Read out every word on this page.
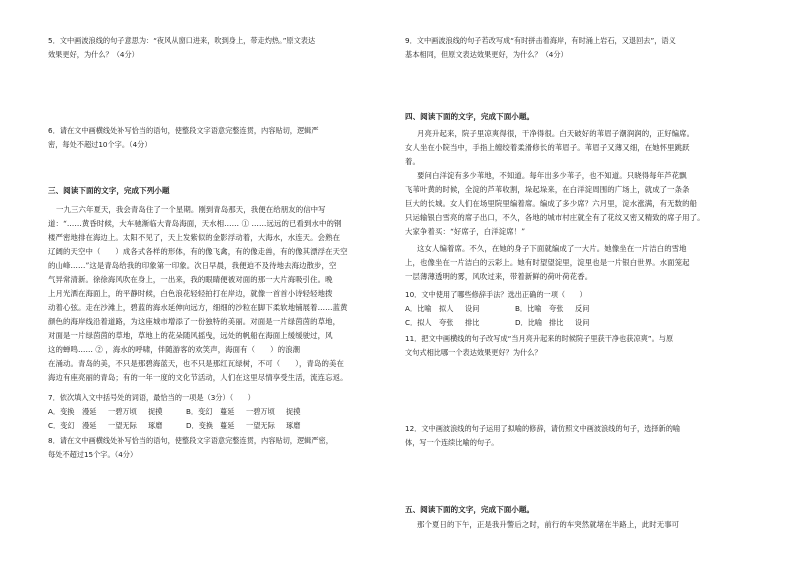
5．文中画波浪线的句子意思为：“夜风从窗口进来，吹到身上，带走灼热。”原文表达
效果更好，为什么？（4分）
6．请在文中画横线处补写恰当的语句，使整段文字语意完整连贯，内容贴切，逻辑严
密，每处不超过10个字。（4分）
三、阅读下面的文字，完成下列小题
一九三六年夏天，我会青岛住了一个星期。刚到青岛那天，我便在给朋友的信中写
道：“……黄昏时候，大车驰渐临大青岛海面，天水相…… ① ……远远的已看到水中的钢
楼严密地排在海边上。太阳不见了，天上发紫似的金影浮动着，大海水，水连天。会熟在
辽阔的天空中（　　）成各式各样的形体，有的像飞禽，有的像走兽，有的像其漂浮在天空
的山峰……”这是青岛给我的印象第一印象。次日早晨，我便迫不及待地去海边散步，空
气异常清新。徐徐海风吹在身上，一出来，我的眼睛便被对面的那一大片海吸引住。晚
上月光洒在海面上，的平静时候，白色浪花轻轻拍打在岸边，就像一首首小诗轻轻地拨
动着心弦。走在沙滩上，碧蓝的海水延伸向远方，细细的沙粒在脚下柔软地铺展着……蓝黄
颜色的海岸线沿着道路，为这座城市增添了一份独特的美丽。对面是一片绿茵茵的草地，
对面是一片绿茵茵的草地，草地上的花朵随风摇曳，远处的帆船在海面上缓缓驶过，风
这的蝉鸣…… ② ，海水的呼啸，伴随游客的欢笑声，海面有（　　）的浪潮
在涌动。青岛的美，不只是那碧海蓝天，也不只是那红瓦绿树，不可（　　），青岛的美在
海边有座亮丽的青岛；有的一年一度的文化节活动，人们在这里尽情享受生活，流连忘返。
7．依次填入文中括号处的词语，最恰当的一项是（3分）（　　）
A．变换 漫延 一碧万顷 捉摸	B．变幻 蔓延 一碧万顷 捉摸
C．变幻 漫延 一望无际 琢磨	D．变换 蔓延 一望无际 琢磨
8．请在文中画横线处补写恰当的语句，使整段文字语意完整连贯，内容贴切，逻辑严密，
每处不超过15个字。（4分）
9．文中画波浪线的句子若改写成“有时拼击着海岸，有时涌上岩石，又退回去”，语义
基本相同，但原文表达效果更好，为什么？（4分）
四、阅读下面的文字，完成下面小题。
月亮升起来，院子里凉爽得很，干净得很。白天破好的苇眉子潮润润的，正好编席。
女人坐在小院当中，手指上缠绞着柔滑修长的苇眉子。苇眉子又薄又细，在她怀里跳跃
着。
要问白洋淀有多少苇地，不知道。每年出多少苇子，也不知道。只晓得每年芦花飘
飞苇叶黄的时候，全淀的芦苇收割，垛起垛来，在白洋淀周围的广场上，就成了一条条
巨大的长城。女人们在场里院里编着席。编成了多少席？六月里，淀水涨满，有无数的船
只运输银白雪亮的席子出口，不久，各地的城市村庄就全有了花纹又密又精致的席子用了。
大家争着买：“好席子，白洋淀席！”
这女人编着席。不久，在她的身子下面就编成了一大片。她像坐在一片洁白的雪地
上，也像坐在一片洁白的云彩上。她有时望望淀里，淀里也是一片银白世界。水面笼起
一层薄薄透明的雾，风吹过来，带着新鲜的荷叶荷花香。
10．文中使用了哪些修辞手法？选出正确的一项（　　）
A．比喻 拟人 设问	B．比喻 夸张 反问
C．拟人 夸张 排比	D．比喻 排比 设问
11．把文中画横线的句子改写成“当月亮升起来的时候院子里获干净也获凉爽”。与原
文句式相比哪一个表达效果更好？为什么？
12．文中画波浪线的句子运用了拟喻的修辞，请仿照文中画波浪线的句子，选择新的喻
体，写一个连续比喻的句子。
五、阅读下面的文字，完成下面小题。
那个夏日的下午，正是我升警后之时，前行的车突然就堵在半路上，此时无事可
